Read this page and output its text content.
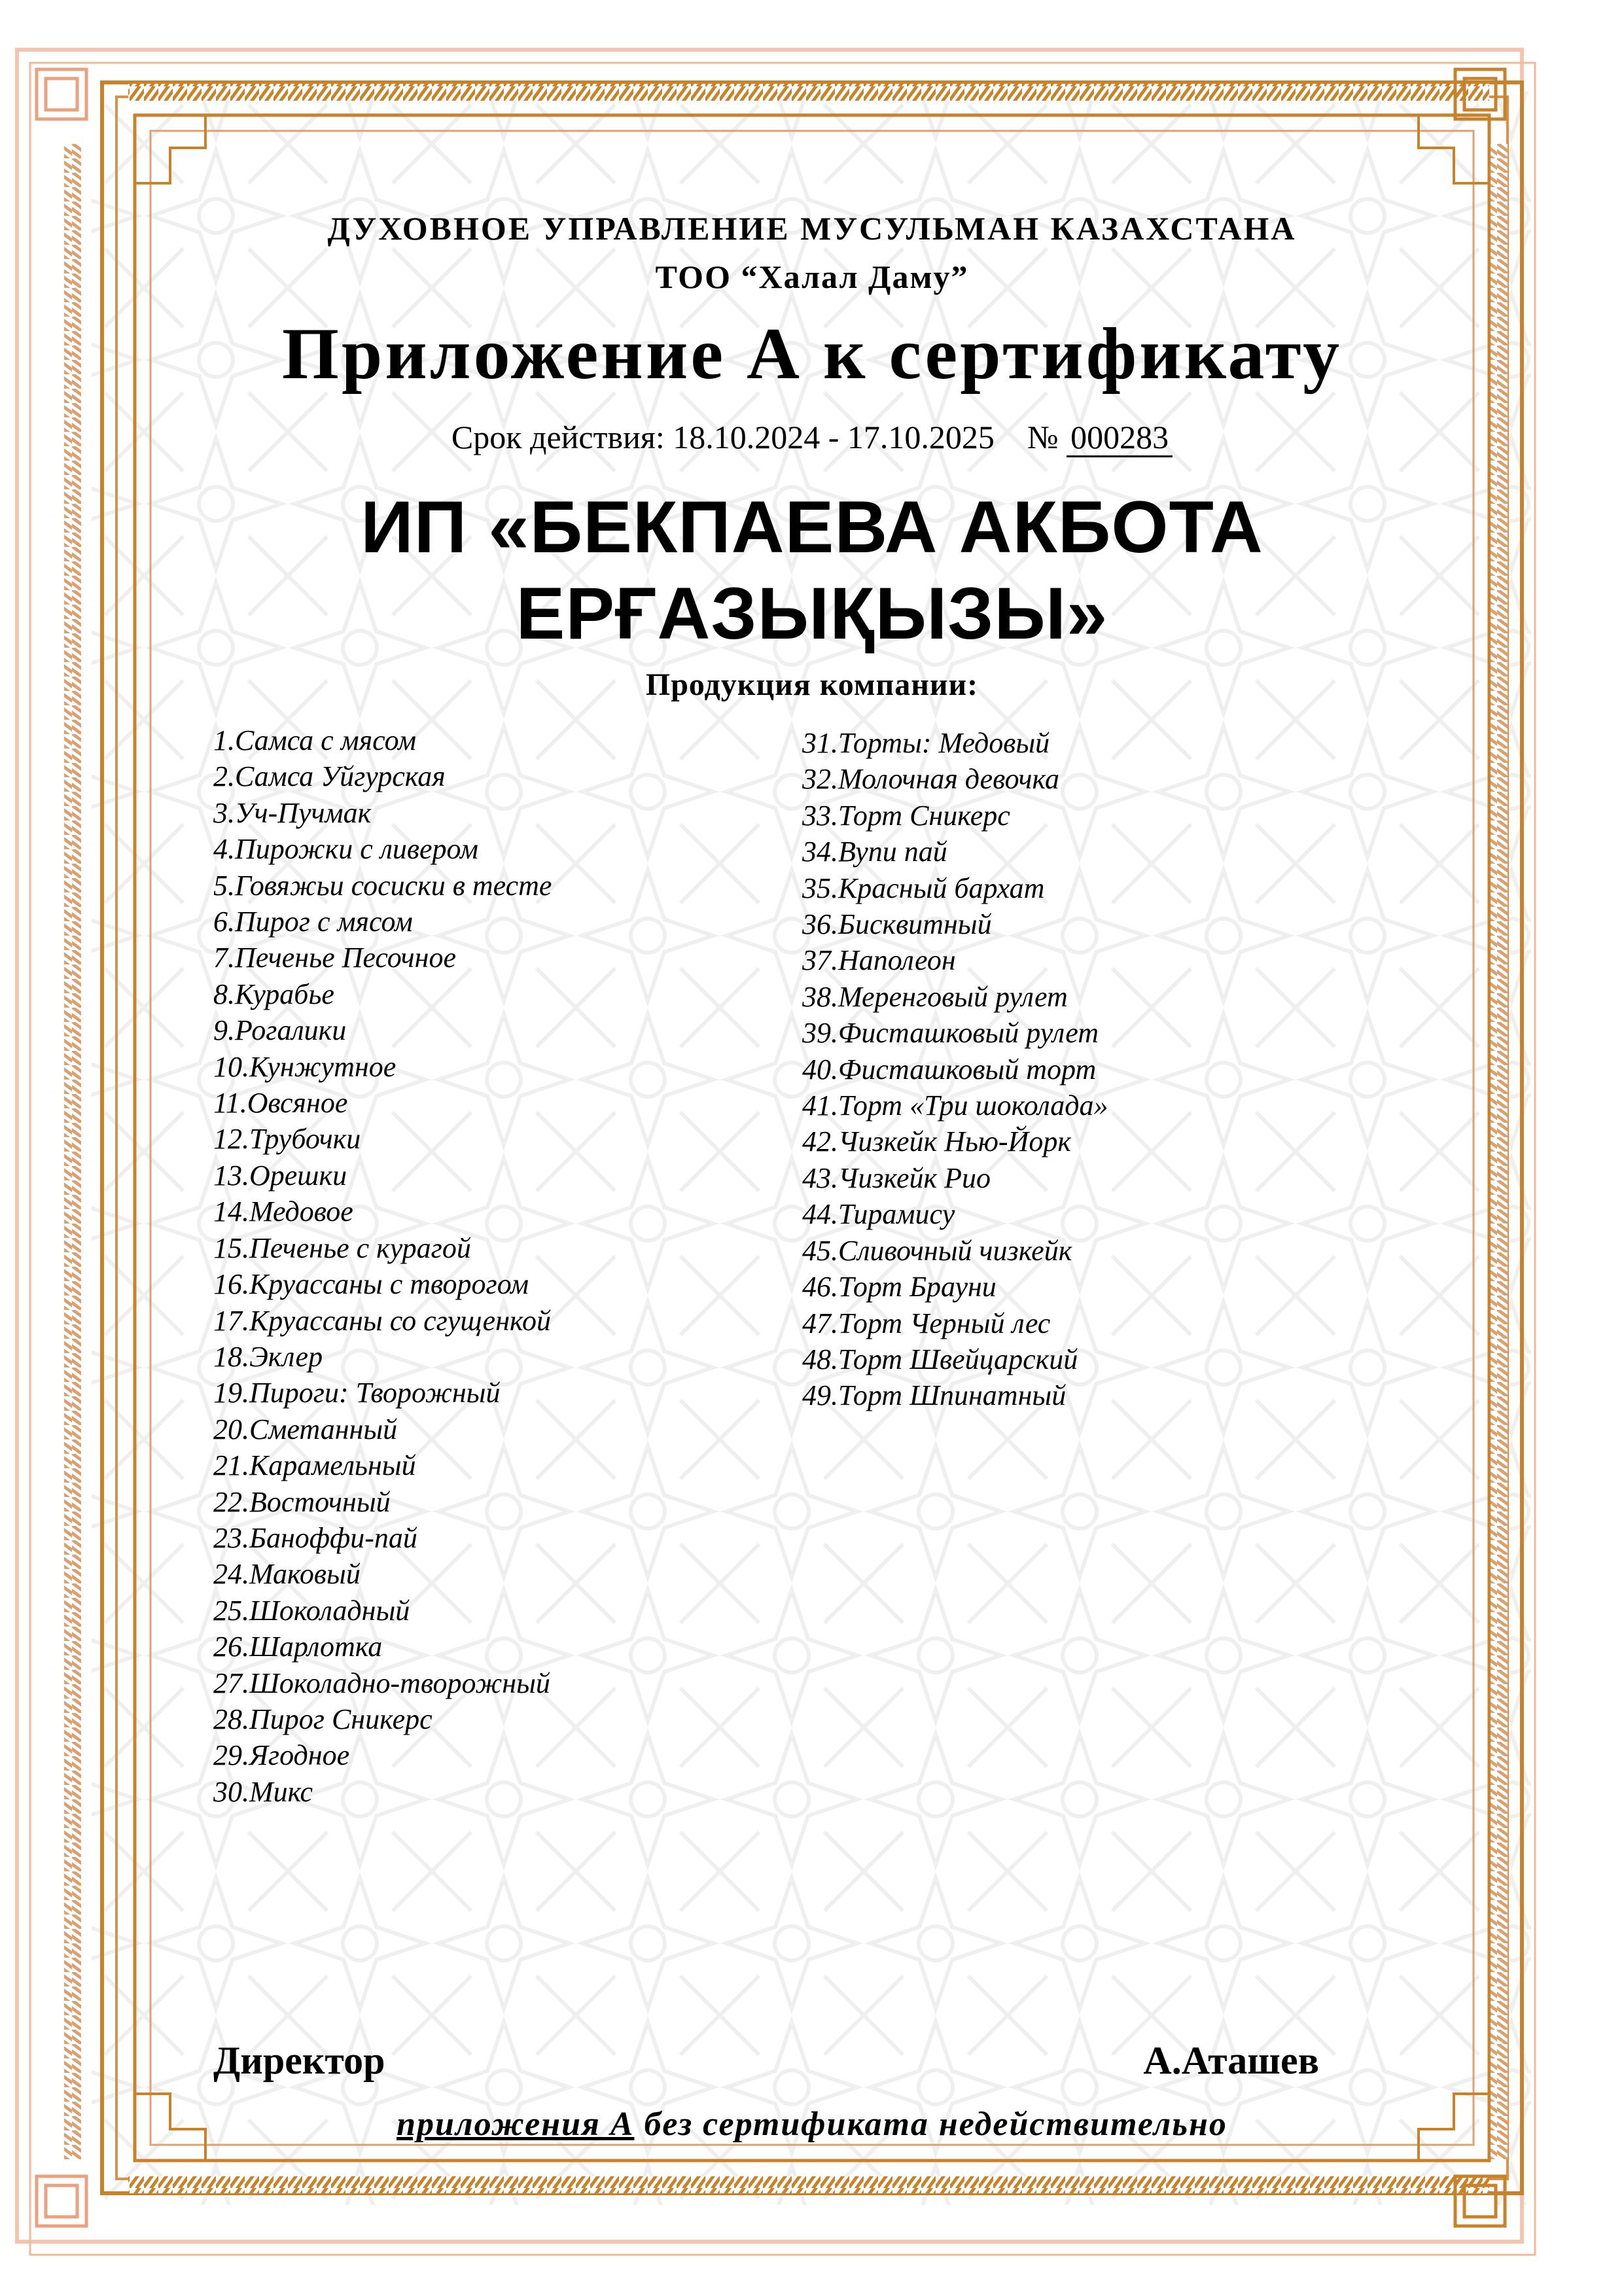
ДУХОВНОЕ УПРАВЛЕНИЕ МУСУЛЬМАН КАЗАХСТАНА
ТОО “Халал Даму”
Приложение А к сертификату
Срок действия: 18.10.2024 - 17.10.2025 № 000283
ИП «БЕКПАЕВА АКБОТА
ЕРҒАЗЫҚЫЗЫ»
Продукция компании:
1.Самса с мясом
2.Самса Уйгурская
3.Уч-Пучмак
4.Пирожки с ливером
5.Говяжьи сосиски в тесте
6.Пирог с мясом
7.Печенье Песочное
8.Курабье
9.Рогалики
10.Кунжутное
11.Овсяное
12.Трубочки
13.Орешки
14.Медовое
15.Печенье с курагой
16.Круассаны с творогом
17.Круассаны со сгущенкой
18.Эклер
19.Пироги: Творожный
20.Сметанный
21.Карамельный
22.Восточный
23.Баноффи-пай
24.Маковый
25.Шоколадный
26.Шарлотка
27.Шоколадно-творожный
28.Пирог Сникерс
29.Ягодное
30.Микс
31.Торты: Медовый
32.Молочная девочка
33.Торт Сникерс
34.Вупи пай
35.Красный бархат
36.Бисквитный
37.Наполеон
38.Меренговый рулет
39.Фисташковый рулет
40.Фисташковый торт
41.Торт «Три шоколада»
42.Чизкейк Нью-Йорк
43.Чизкейк Рио
44.Тирамису
45.Сливочный чизкейк
46.Торт Брауни
47.Торт Черный лес
48.Торт Швейцарский
49.Торт Шпинатный
Директор	А.Аташев
приложения А без сертификата недействительно
